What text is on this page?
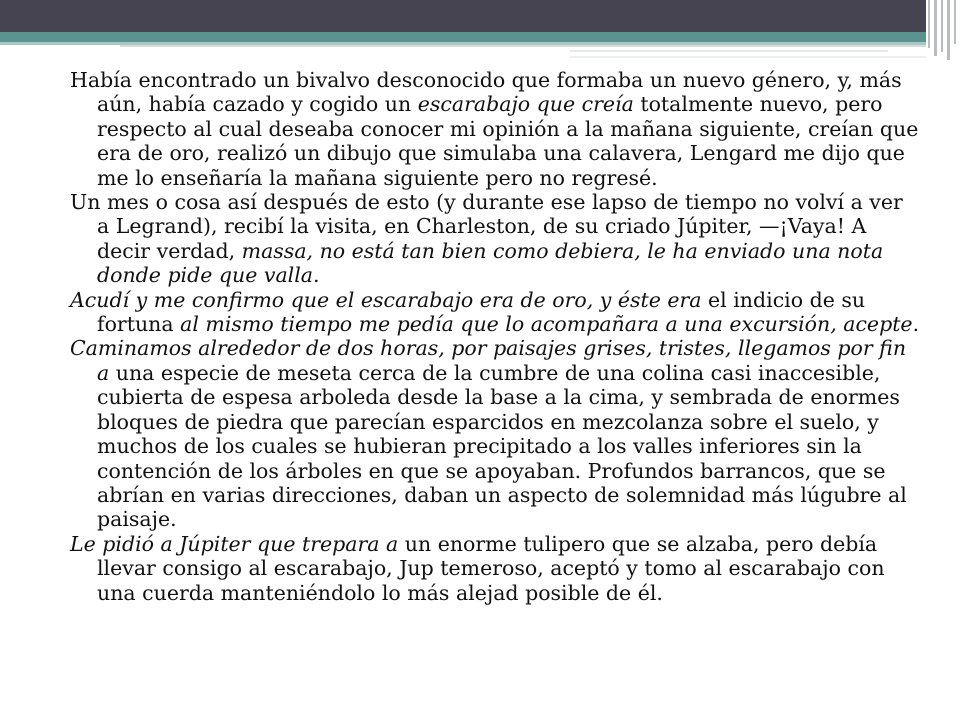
Había encontrado un bivalvo desconocido que formaba un nuevo género, y, más aún, había cazado y cogido un escarabajo que creía totalmente nuevo, pero respecto al cual deseaba conocer mi opinión a la mañana siguiente, creían que era de oro, realizó un dibujo que simulaba una calavera, Lengard me dijo que me lo enseñaría la mañana siguiente pero no regresé.

Un mes o cosa así después de esto (y durante ese lapso de tiempo no volví a ver a Legrand), recibí la visita, en Charleston, de su criado Júpiter, —¡Vaya! A decir verdad, massa, no está tan bien como debiera, le ha enviado una nota donde pide que valla.

Acudí y me confirmo que el escarabajo era de oro, y éste era el indicio de su fortuna al mismo tiempo me pedía que lo acompañara a una excursión, acepte.

Caminamos alrededor de dos horas, por paisajes grises, tristes, llegamos por fin a una especie de meseta cerca de la cumbre de una colina casi inaccesible, cubierta de espesa arboleda desde la base a la cima, y sembrada de enormes bloques de piedra que parecían esparcidos en mezcolanza sobre el suelo, y muchos de los cuales se hubieran precipitado a los valles inferiores sin la contención de los árboles en que se apoyaban. Profundos barrancos, que se abrían en varias direcciones, daban un aspecto de solemnidad más lúgubre al paisaje.

Le pidió a Júpiter que trepara a un enorme tulipero que se alzaba, pero debía llevar consigo al escarabajo, Jup temeroso, aceptó y tomo al escarabajo con una cuerda manteniéndolo lo más alejad posible de él.
